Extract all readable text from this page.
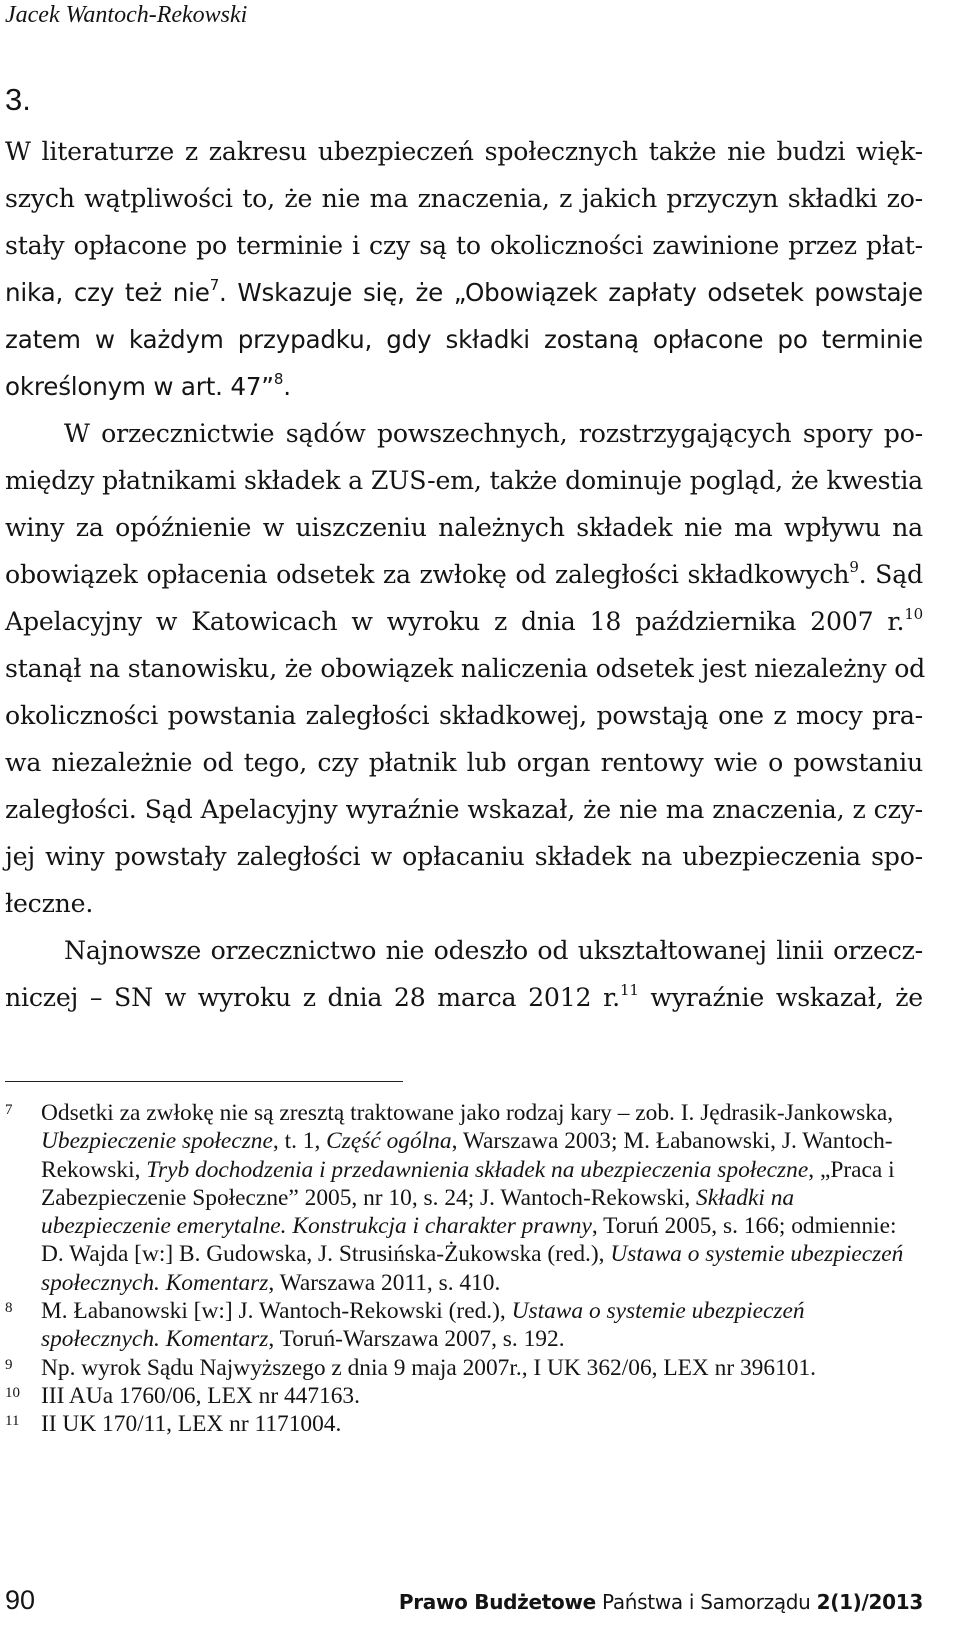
Jacek Wantoch-Rekowski
3.
W literaturze z zakresu ubezpieczeń społecznych także nie budzi więk-
szych wątpliwości to, że nie ma znaczenia, z jakich przyczyn składki zo-
stały opłacone po terminie i czy są to okoliczności zawinione przez płat-
nika, czy też nie$^7$. Wskazuje się, że „Obowiązek zapłaty odsetek powstaje
zatem w każdym przypadku, gdy składki zostaną opłacone po terminie
określonym w art. 47”$^8$.
W orzecznictwie sądów powszechnych, rozstrzygających spory po-
między płatnikami składek a ZUS-em, także dominuje pogląd, że kwestia
winy za opóźnienie w uiszczeniu należnych składek nie ma wpływu na
obowiązek opłacenia odsetek za zwłokę od zaległości składkowych$^9$. Sąd
Apelacyjny w Katowicach w wyroku z dnia 18 października 2007 r.$^{10}$
stanął na stanowisku, że obowiązek naliczenia odsetek jest niezależny od
okoliczności powstania zaległości składkowej, powstają one z mocy pra-
wa niezależnie od tego, czy płatnik lub organ rentowy wie o powstaniu
zaległości. Sąd Apelacyjny wyraźnie wskazał, że nie ma znaczenia, z czy-
jej winy powstały zaległości w opłacaniu składek na ubezpieczenia spo-
łeczne.
Najnowsze orzecznictwo nie odeszło od ukształtowanej linii orzecz-
niczej – SN w wyroku z dnia 28 marca 2012 r.$^{11}$ wyraźnie wskazał, że
7 Odsetki za zwłokę nie są zresztą traktowane jako rodzaj kary – zob. I. Jędrasik-Jankowska, Ubezpieczenie społeczne, t. 1, Część ogólna, Warszawa 2003; M. Łabanowski, J. Wantoch-Rekowski, Tryb dochodzenia i przedawnienia składek na ubezpieczenia społeczne, „Praca i Zabezpieczenie Społeczne” 2005, nr 10, s. 24; J. Wantoch-Rekowski, Składki na ubezpieczenie emerytalne. Konstrukcja i charakter prawny, Toruń 2005, s. 166; odmiennie: D. Wajda [w:] B. Gudowska, J. Strusińska-Żukowska (red.), Ustawa o systemie ubezpieczeń społecznych. Komentarz, Warszawa 2011, s. 410.
8 M. Łabanowski [w:] J. Wantoch-Rekowski (red.), Ustawa o systemie ubezpieczeń społecznych. Komentarz, Toruń-Warszawa 2007, s. 192.
9 Np. wyrok Sądu Najwyższego z dnia 9 maja 2007r., I UK 362/06, LEX nr 396101.
10 III AUa 1760/06, LEX nr 447163.
11 II UK 170/11, LEX nr 1171004.
90	Prawo Budżetowe Państwa i Samorządu 2(1)/2013
